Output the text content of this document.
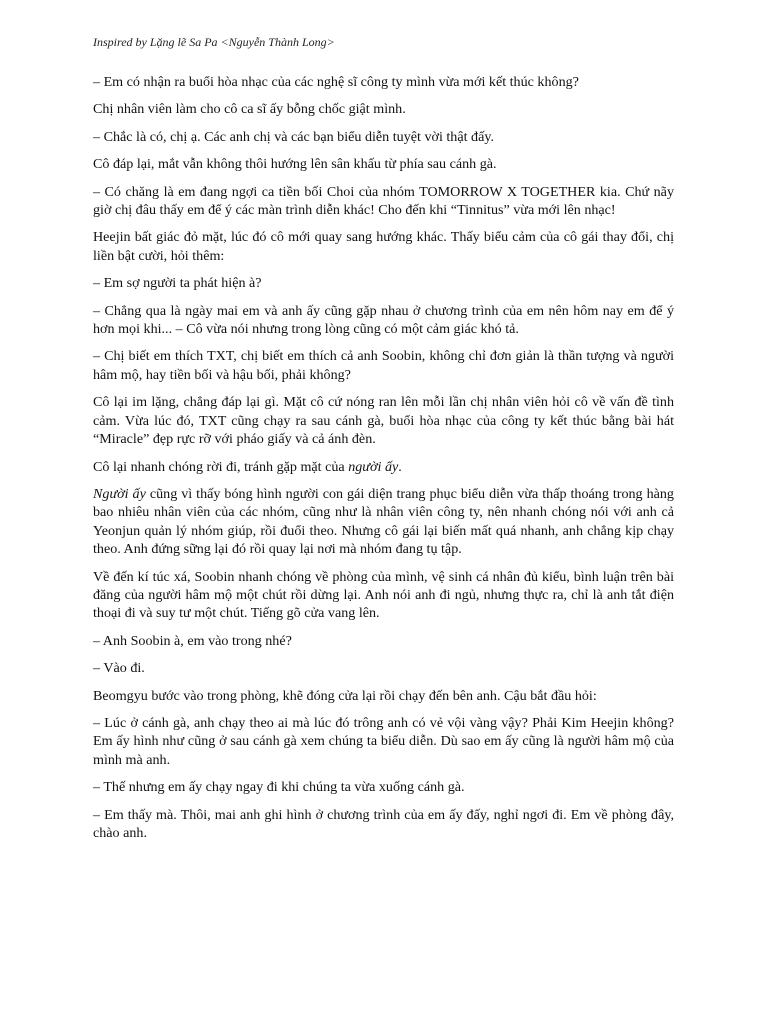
Inspired by Lặng lẽ Sa Pa <Nguyễn Thành Long>

– Em có nhận ra buổi hòa nhạc của các nghệ sĩ công ty mình vừa mới kết thúc không?

Chị nhân viên làm cho cô ca sĩ ấy bỗng chốc giật mình.

– Chắc là có, chị ạ. Các anh chị và các bạn biểu diễn tuyệt vời thật đấy.

Cô đáp lại, mắt vẫn không thôi hướng lên sân khấu từ phía sau cánh gà.

– Có chăng là em đang ngợi ca tiền bối Choi của nhóm TOMORROW X TOGETHER kia. Chứ nãy giờ chị đâu thấy em để ý các màn trình diễn khác! Cho đến khi “Tinnitus” vừa mới lên nhạc!

Heejin bất giác đỏ mặt, lúc đó cô mới quay sang hướng khác. Thấy biểu cảm của cô gái thay đổi, chị liền bật cười, hỏi thêm:

– Em sợ người ta phát hiện à?

– Chẳng qua là ngày mai em và anh ấy cũng gặp nhau ở chương trình của em nên hôm nay em để ý hơn mọi khi... – Cô vừa nói nhưng trong lòng cũng có một cảm giác khó tả.

– Chị biết em thích TXT, chị biết em thích cả anh Soobin, không chỉ đơn giản là thần tượng và người hâm mộ, hay tiền bối và hậu bối, phải không?

Cô lại im lặng, chẳng đáp lại gì. Mặt cô cứ nóng ran lên mỗi lần chị nhân viên hỏi cô về vấn đề tình cảm. Vừa lúc đó, TXT cũng chạy ra sau cánh gà, buổi hòa nhạc của công ty kết thúc bằng bài hát “Miracle” đẹp rực rỡ với pháo giấy và cả ánh đèn.

Cô lại nhanh chóng rời đi, tránh gặp mặt của người ấy.

Người ấy cũng vì thấy bóng hình người con gái diện trang phục biểu diễn vừa thấp thoáng trong hàng bao nhiêu nhân viên của các nhóm, cũng như là nhân viên công ty, nên nhanh chóng nói với anh cả Yeonjun quản lý nhóm giúp, rồi đuổi theo. Nhưng cô gái lại biến mất quá nhanh, anh chẳng kịp chạy theo. Anh đứng sững lại đó rồi quay lại nơi mà nhóm đang tụ tập.

Về đến kí túc xá, Soobin nhanh chóng về phòng của mình, vệ sinh cá nhân đủ kiểu, bình luận trên bài đăng của người hâm mộ một chút rồi dừng lại. Anh nói anh đi ngủ, nhưng thực ra, chỉ là anh tắt điện thoại đi và suy tư một chút. Tiếng gõ cửa vang lên.

– Anh Soobin à, em vào trong nhé?

– Vào đi.

Beomgyu bước vào trong phòng, khẽ đóng cửa lại rồi chạy đến bên anh. Cậu bắt đầu hỏi:

– Lúc ở cánh gà, anh chạy theo ai mà lúc đó trông anh có vẻ vội vàng vậy? Phải Kim Heejin không? Em ấy hình như cũng ở sau cánh gà xem chúng ta biểu diễn. Dù sao em ấy cũng là người hâm mộ của mình mà anh.

– Thế nhưng em ấy chạy ngay đi khi chúng ta vừa xuống cánh gà.

– Em thấy mà. Thôi, mai anh ghi hình ở chương trình của em ấy đấy, nghỉ ngơi đi. Em về phòng đây, chào anh.
